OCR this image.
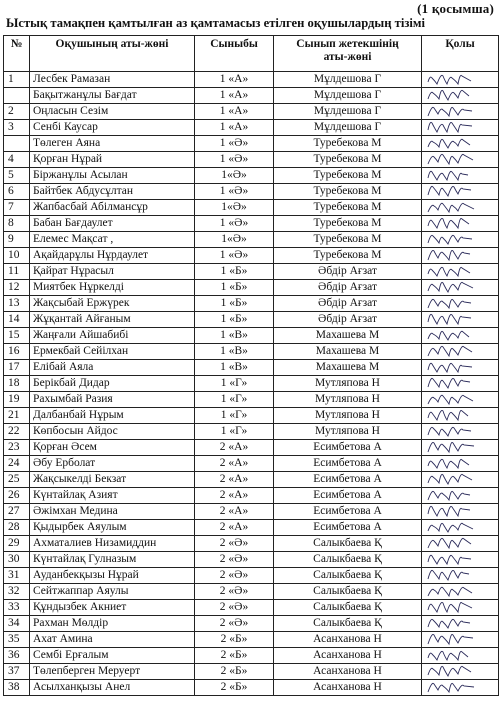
(1 қосымша)
Ыстық тамақпен қамтылған аз қамтамасыз етілген оқушылардың тізімі
№	Оқушының аты-жөні	Сыныбы	Сынып жетекшінің
аты-жөні	Қолы
1	Лесбек Рамазан	1 «А»	Мұлдешова Г	

	Бақытжанұлы Бағдат	1 «А»	Мұлдешова Г	

2	Оңласын Сезім	1 «А»	Мұлдешова Г	

3	Сенбі Каусар	1 «А»	Мұлдешова Г	

	Төлеген Аяна	1 «Ә»	Туребекова М	

4	Қорған Нұрай	1 «Ә»	Туребекова М	

5	Біржанұлы Асылан	1«Ә»	Туребекова М	

6	Байтбек Абдусұлтан	1 «Ә»	Туребекова М	

7	Жапбасбай Абілмансұр	1«Ә»	Туребекова М	

8	Бабан Бағдаулет	1 «Ә»	Туребекова М	

9	Елемес Мақсат ,	1«Ә»	Туребекова М	

10	Ақайдарұлы Нұрдаулет	1 «Ә»	Туребекова М	

11	Қайрат Нұрасыл	1 «Б»	Әбдір Ағзат	

12	Миятбек Нұркелді	1 «Б»	Әбдір Ағзат	

13	Жақсыбай Ержүрек	1 «Б»	Әбдір Ағзат	

14	Жұқантай Айғаным	1 «Б»	Әбдір Ағзат	

15	Жаңғали Айшабибі	1 «В»	Махашева М	

16	Ермекбай Сейілхан	1 «В»	Махашева М	

17	Елібай Аяла	1 «В»	Махашева М	

18	Берікбай Дидар	1 «Г»	Мутляпова Н	

19	Рахымбай Разия	1 «Г»	Мутляпова Н	

21	Далбанбай Нұрым	1 «Г»	Мутляпова Н	

22	Көпбосын Айдос	1 «Г»	Мутляпова Н	

23	Қорған Әсем	2 «А»	Есимбетова А	

24	Әбу Ерболат	2 «А»	Есимбетова А	

25	Жақсыкелді Бекзат	2 «А»	Есимбетова А	

26	Күнтайлақ Азият	2 «А»	Есимбетова А	

27	Әжімхан Медина	2 «А»	Есимбетова А	

28	Қыдырбек Аяулым	2 «А»	Есимбетова А	

29	Ахматалиев Низамиддин	2 «Ә»	Салыкбаева Қ	

30	Күнтайлақ Гулназым	2 «Ә»	Салыкбаева Қ	

31	Ауданбекқызы Нұрай	2 «Ә»	Салыкбаева Қ	

32	Сейтжаппар Аяулы	2 «Ә»	Салыкбаева Қ	

33	Құндызбек Акниет	2 «Ә»	Салыкбаева Қ	

34	Рахман Мөлдір	2 «Ә»	Салыкбаева Қ	

35	Ахат Амина	2 «Б»	Асанханова Н	

36	Сембі Ерғалым	2 «Б»	Асанханова Н	

37	Төлепберген Меруерт	2 «Б»	Асанханова Н	

38	Асылханқызы Анел	2 «Б»	Асанханова Н	
